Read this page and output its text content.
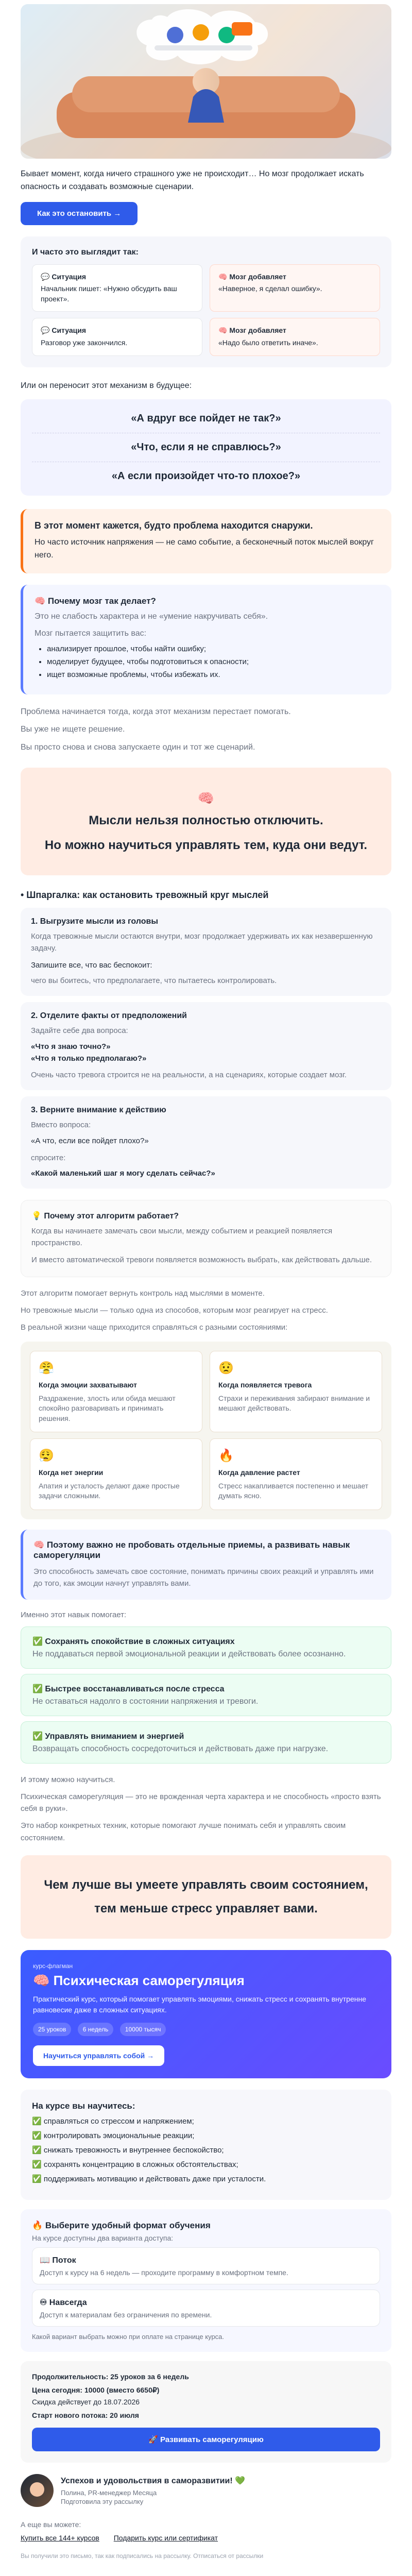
Бывает момент, когда ничего страшного уже не происходит… Но мозг продолжает искать опасность и создавать возможные сценарии.

Как это остановить →
И часто это выглядит так:
💬 Ситуация
Начальник пишет: «Нужно обсудить ваш проект».
🧠 Мозг добавляет
«Наверное, я сделал ошибку».
💬 Ситуация
Разговор уже закончился.
🧠 Мозг добавляет
«Надо было ответить иначе».

Или он переносит этот механизм в будущее:

«А вдруг все пойдет не так?»
«Что, если я не справлюсь?»
«А если произойдет что-то плохое?»
В этот момент кажется, будто проблема находится снаружи.

Но часто источник напряжения — не само событие, а бесконечный поток мыслей вокруг него.

🧠 Почему мозг так делает?

Это не слабость характера и не «умение накручивать себя».

Мозг пытается защитить вас:

• анализирует прошлое, чтобы найти ошибку;
• моделирует будущее, чтобы подготовиться к опасности;
• ищет возможные проблемы, чтобы избежать их.

Проблема начинается тогда, когда этот механизм перестает помогать.

Вы уже не ищете решение.

Вы просто снова и снова запускаете один и тот же сценарий.

🧠
Мысли нельзя полностью отключить.
Но можно научиться управлять тем, куда они ведут.
• Шпаргалка: как остановить тревожный круг мыслей
1. Выгрузите мысли из головы

Когда тревожные мысли остаются внутри, мозг продолжает удерживать их как незавершенную задачу.

Запишите все, что вас беспокоит:

чего вы боитесь, что предполагаете, что пытаетесь контролировать.

2. Отделите факты от предположений

Задайте себе два вопроса:

«Что я знаю точно?»

«Что я только предполагаю?»

Очень часто тревога строится не на реальности, а на сценариях, которые создает мозг.

3. Верните внимание к действию

Вместо вопроса:

«А что, если все пойдет плохо?»

спросите:

«Какой маленький шаг я могу сделать сейчас?»

💡 Почему этот алгоритм работает?

Когда вы начинаете замечать свои мысли, между событием и реакцией появляется пространство.

И вместо автоматической тревоги появляется возможность выбрать, как действовать дальше.

Этот алгоритм помогает вернуть контроль над мыслями в моменте.

Но тревожные мысли — только одна из способов, которым мозг реагирует на стресс.

В реальной жизни чаще приходится справляться с разными состояниями:

😤
Когда эмоции захватывают
Раздражение, злость или обида мешают спокойно разговаривать и принимать решения.
😟
Когда появляется тревога
Страхи и переживания забирают внимание и мешают действовать.
😮‍💨
Когда нет энергии
Апатия и усталость делают даже простые задачи сложными.
🔥
Когда давление растет
Стресс накапливается постепенно и мешает думать ясно.
🧠 Поэтому важно не пробовать отдельные приемы, а развивать навык саморегуляции

Это способность замечать свое состояние, понимать причины своих реакций и управлять ими до того, как эмоции начнут управлять вами.

Именно этот навык помогает:

✅ Сохранять спокойствие в сложных ситуациях
Не поддаваться первой эмоциональной реакции и действовать более осознанно.
✅ Быстрее восстанавливаться после стресса
Не оставаться надолго в состоянии напряжения и тревоги.
✅ Управлять вниманием и энергией
Возвращать способность сосредоточиться и действовать даже при нагрузке.

И этому можно научиться.

Психическая саморегуляция — это не врожденная черта характера и не способность «просто взять себя в руки».

Это набор конкретных техник, которые помогают лучше понимать себя и управлять своим состоянием.

Чем лучше вы умеете управлять своим состоянием,
тем меньше стресс управляет вами.
курс-флагман
🧠 Психическая саморегуляция
Практический курс, который помогает управлять эмоциями, снижать стресс и сохранять внутренне равновесие даже в сложных ситуациях.
25 уроков	6 недель	10000 тысяч
Научиться управлять собой →
На курсе вы научитесь:
✅ справляться со стрессом и напряжением;
✅ контролировать эмоциональные реакции;
✅ снижать тревожность и внутреннее беспокойство;
✅ сохранять концентрацию в сложных обстоятельствах;
✅ поддерживать мотивацию и действовать даже при усталости.
🔥 Выберите удобный формат обучения
На курсе доступны два варианта доступа:
📖 Поток
Доступ к курсу на 6 недель — проходите программу в комфортном темпе.
♾ Навсегда
Доступ к материалам без ограничения по времени.
Какой вариант выбрать можно при оплате на странице курса.
Продолжительность: 25 уроков за 6 недель
Цена сегодня: 10000 (вместо 6650₽)
Скидка действует до 18.07.2026
Старт нового потока: 20 июля
🚀 Развивать саморегуляцию
Успехов и удовольствия в саморазвитии! 💚
Полина, PR-менеджер Месяца
Подготовила эту рассылку
А еще вы можете:
Купить все 144+ курсов Подарить курс или сертификат
Вы получили это письмо, так как подписались на рассылку. Отписаться от рассылки
